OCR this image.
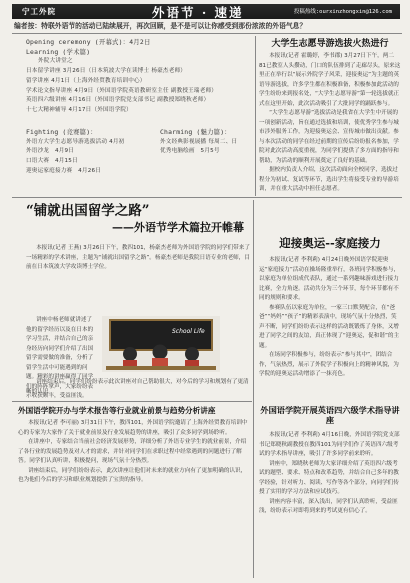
宁工外院	外语节 · 速递	投稿热线:ourxinzhongxin@126.com
编者按：特联外语节的活动已陆续展开，再次回顾，是不是可以让你感受到那份浓浓的外语气息？
Opening ceremony (开幕式)：4月2日
Learning (学术篇)
外院大讲堂之
日本留学讲座 3月26日（日本筑波大学在读博士 杨豪杰老师）
留学讲座 4月1日（上海外经贸教育培训中心）
学术论文指导讲座 4月9日（外国语学院英语教研室主任 副教授王瑞老师）
英语四六级讲座 4月16日（外国语学院党支部书记 副教授郑晓秋老师）
十七大精神辅导 4月17日（外国语学院）
Fighting (竞赛篇)：
外语方大学生志愿导游选拔活动 4月初
外语沙龙　4月9日
口语大赛　4月15日
迎奥运家庭接力赛　4月26日
Charming (魅力篇)：
外文经典影视展播 每周二、日
优秀电脑绘画　5月5号
大学生志愿导游选拔火热进行

本报讯(记者 霍璐婷，李书郡) 3月27日下午，两二81已教室人头攒动，门口的队伍排到了走廊尽头，原来这里正在举行以“展示外院学子风采，迎接奥运”为主题的英语导游选拔，许多学生都在积极准备，积极参加此活动的学生纷纷来到报名处，“大学生志愿导游”第一轮选拔就正式在这里开始，此次活动吸引了大批同学的踊跃参与。

“大学生志愿导游”选拔活动是我省在大学生中开展的一项创新活动，旨在通过选拔和培训，使优秀学生参与城市涉外服务工作，为迎接奥运会、宣传城市做出贡献。参与本次活动的同学在经过前期的宣传后纷纷报名参加，学院对此次活动高度重视，为同学们提供了多方面的指导和帮助，为活动的顺利开展奠定了良好的基础。

据校内负责人介绍，这次活动面向全校同学，选拔过程分为初试、复试等环节，选出学生将接受专业的导游培训，并在重大活动中担任志愿者。

“铺就出国留学之路”
——外语节学术篇拉开帷幕

本报讯(记者 王燕) 3月26日下午，教四101，杨豪杰老师为外国语学院的同学们带来了一场精彩的学术讲座，主题为“铺就出国留学之路”。杨豪杰老师是我院日语专业的老师，目前在日本筑波大学攻读博士学位。

讲座中杨老师就讲述了他的留学经历以及在日本的学习生活，并结合自己的亲身经历向同学们介绍了出国留学需要做的准备，分析了留学生活中可能遇到的问题。精彩的讲座赢得了同学们的阵阵掌声，大家纷纷表示收获颇丰，受益匪浅。

讲座结束后，同学们纷纷表示此次讲座对自己帮助很大，对今后的学习和规划有了更清晰的认识。

School Life
迎接奥运--家庭接力

本报讯(记者 李利莉) 4月24日晚外国语学院迎奥运“家庭接力”活动在操场隆重举行，各班同学积极参与，以家庭为单位组成代表队，通过一系列趣味游戏进行接力比赛，全力角逐。活动共分为三个环节，每个环节都有不同的规则和要求。

参赛队伍以家庭为单位，一家三口默契配合，在“爸爸”“妈妈”“孩子”的精彩表演中，现场气氛十分热烈，笑声不断，同学们纷纷表示这样的活动既锻炼了身体，又增进了同学之间的友谊，真正体现了“迎奥运，促和谐”的主题。

在场同学积极参与，纷纷表示“参与其中”，团结合作，气氛热烈，展示了外院学子积极向上的精神风貌，为学院的迎奥运活动增添了一抹亮色。

外国语学院开办与学术报告等行业就业前景与趋势分析讲座

本报讯(记者 李可丽) 3月31日下午，教四101，外国语学院邀请了上海外经贸教育培训中心的专家为大家作了关于就业前景及行业发展趋势的讲座，吸引了众多同学到场聆听。

在讲座中，专家结合当前社会经济发展形势，详细分析了外语专业学生的就业前景，介绍了各行业的发展趋势及对人才的需求，并针对同学们在求职过程中经常遇到的问题进行了解答。同学们认真听讲，积极提问，现场气氛十分热烈。

讲座结束后，同学们纷纷表示，此次讲座让他们对未来的就业方向有了更加明确的认识，也为他们今后的学习和职业规划提供了宝贵的指导。

外国语学院开展英语四六级学术指导讲座

本报讯(记者 李利莉) 4月16日晚，外国语学院党支部书记郑晓秋副教授在教四101为同学们作了英语四六级考试的学术指导讲座，吸引了许多同学前来聆听。

讲座中，郑晓秋老师为大家详细介绍了英语四六级考试的题型、要求、特点和改革趋势，并结合自己多年的教学经验，针对听力、阅读、写作等各个部分，向同学们传授了实用的学习方法和应试技巧。

讲座内容丰富，深入浅出，同学们认真聆听，受益匪浅，纷纷表示对即将到来的考试更有信心了。
